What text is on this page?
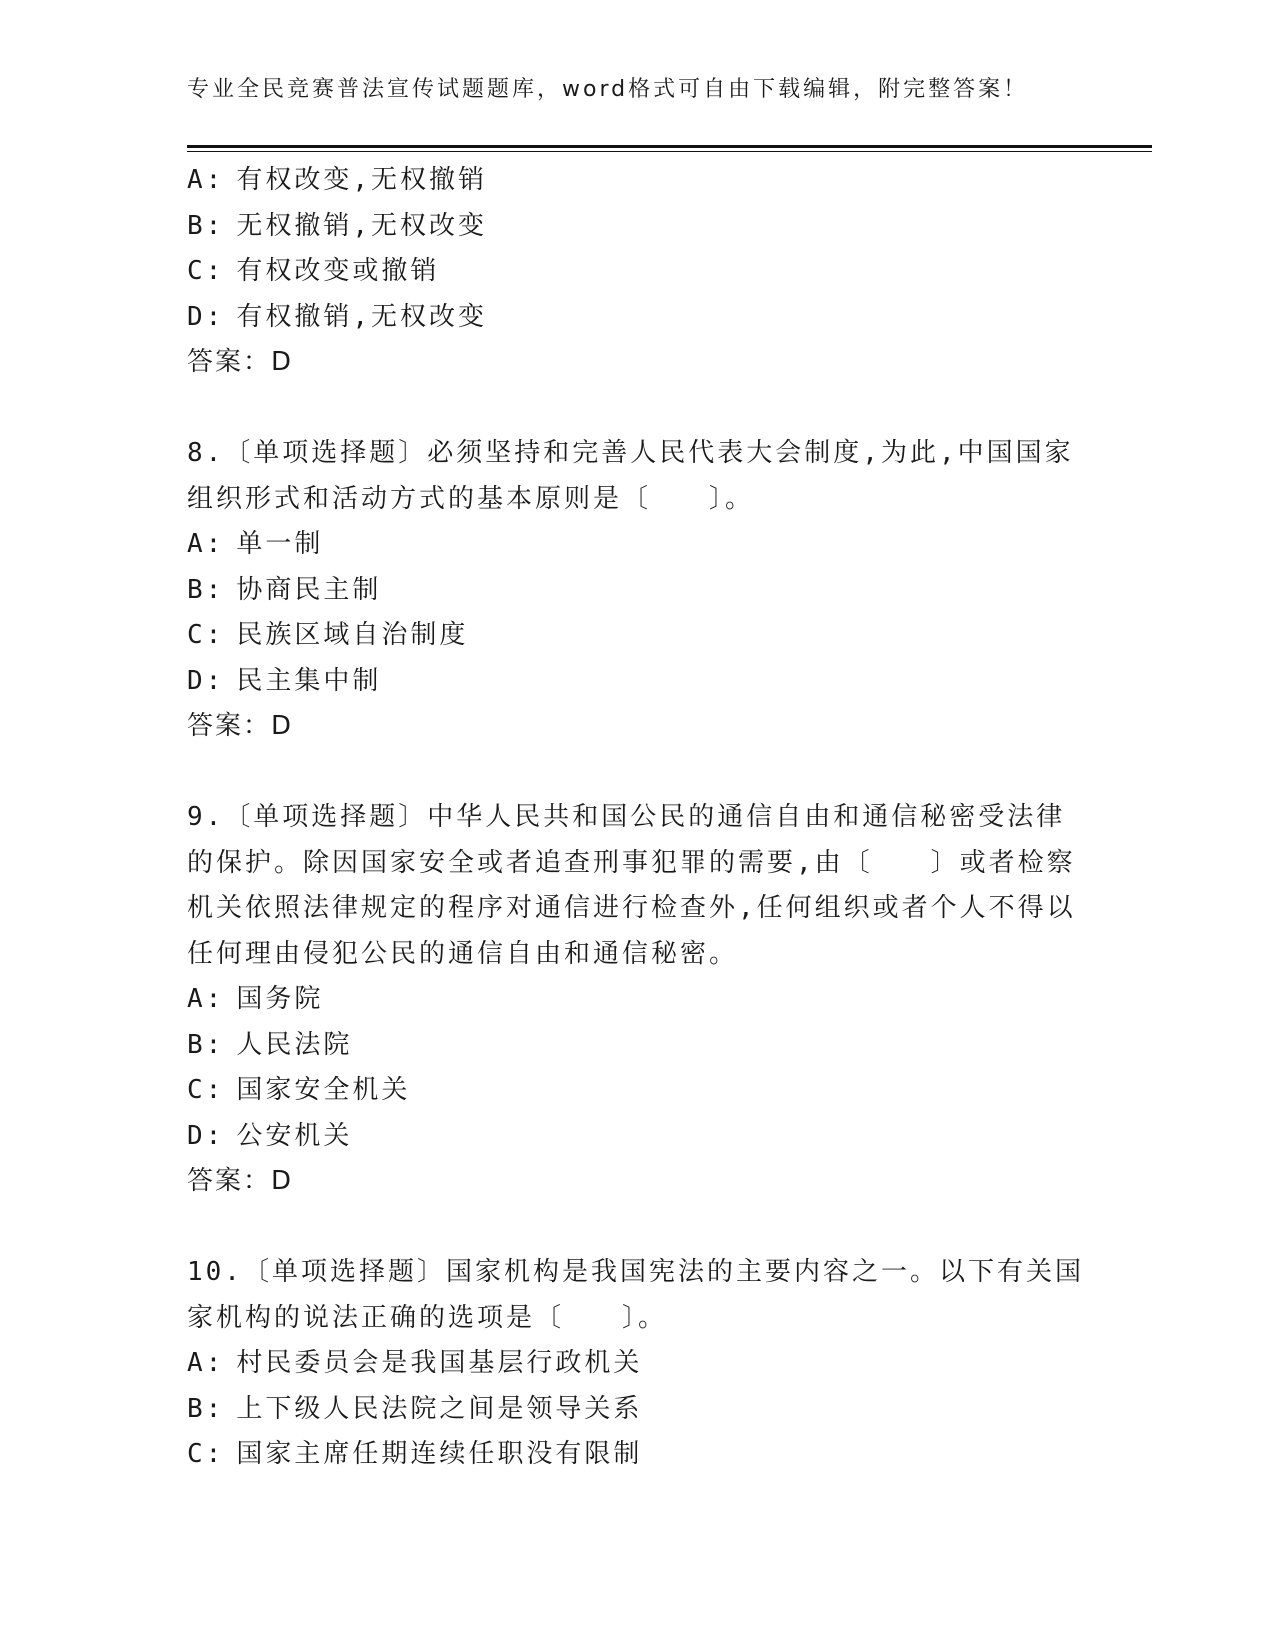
专业全民竞赛普法宣传试题题库，word格式可自由下载编辑，附完整答案！
A: 有权改变,无权撤销
B: 无权撤销,无权改变
C: 有权改变或撤销
D: 有权撤销,无权改变
答案：D
8.〔单项选择题〕必须坚持和完善人民代表大会制度,为此,中国国家
组织形式和活动方式的基本原则是〔　　〕。
A: 单一制
B: 协商民主制
C: 民族区域自治制度
D: 民主集中制
答案：D
9.〔单项选择题〕中华人民共和国公民的通信自由和通信秘密受法律
的保护。除因国家安全或者追查刑事犯罪的需要,由〔　　〕或者检察
机关依照法律规定的程序对通信进行检查外,任何组织或者个人不得以
任何理由侵犯公民的通信自由和通信秘密。
A: 国务院
B: 人民法院
C: 国家安全机关
D: 公安机关
答案：D
10.〔单项选择题〕国家机构是我国宪法的主要内容之一。以下有关国
家机构的说法正确的选项是〔　　〕。
A: 村民委员会是我国基层行政机关
B: 上下级人民法院之间是领导关系
C: 国家主席任期连续任职没有限制
